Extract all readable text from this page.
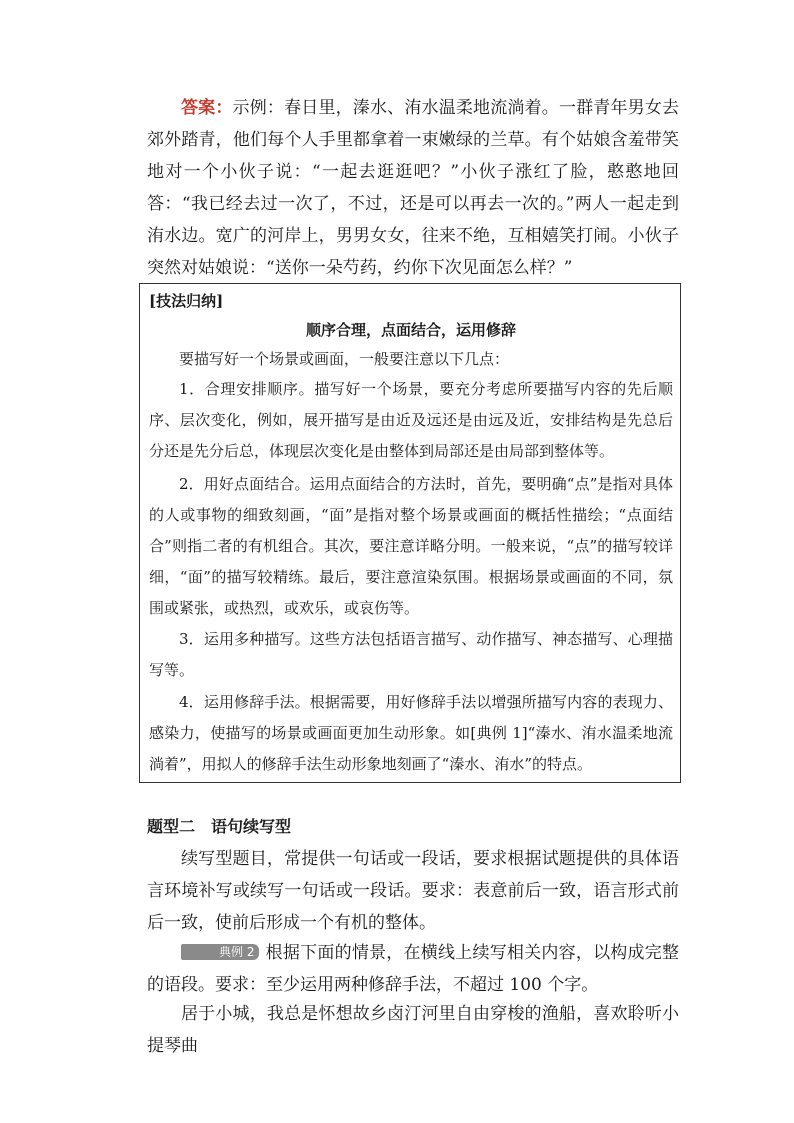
答案：示例：春日里，溱水、洧水温柔地流淌着。一群青年男女去郊外踏青，他们每个人手里都拿着一束嫩绿的兰草。有个姑娘含羞带笑地对一个小伙子说：“一起去逛逛吧？”小伙子涨红了脸，憨憨地回答：“我已经去过一次了，不过，还是可以再去一次的。”两人一起走到洧水边。宽广的河岸上，男男女女，往来不绝，互相嬉笑打闹。小伙子突然对姑娘说：“送你一朵芍药，约你下次见面怎么样？”

[技法归纳]

顺序合理，点面结合，运用修辞

要描写好一个场景或画面，一般要注意以下几点：

1．合理安排顺序。描写好一个场景，要充分考虑所要描写内容的先后顺序、层次变化，例如，展开描写是由近及远还是由远及近，安排结构是先总后分还是先分后总，体现层次变化是由整体到局部还是由局部到整体等。

2．用好点面结合。运用点面结合的方法时，首先，要明确“点”是指对具体的人或事物的细致刻画，“面”是指对整个场景或画面的概括性描绘；“点面结合”则指二者的有机组合。其次，要注意详略分明。一般来说，“点”的描写较详细，“面”的描写较精练。最后，要注意渲染氛围。根据场景或画面的不同，氛围或紧张，或热烈，或欢乐，或哀伤等。

3．运用多种描写。这些方法包括语言描写、动作描写、神态描写、心理描写等。

4．运用修辞手法。根据需要，用好修辞手法以增强所描写内容的表现力、感染力，使描写的场景或画面更加生动形象。如[典例 1]“溱水、洧水温柔地流淌着”，用拟人的修辞手法生动形象地刻画了“溱水、洧水”的特点。

题型二　语句续写型

续写型题目，常提供一句话或一段话，要求根据试题提供的具体语言环境补写或续写一句话或一段话。要求：表意前后一致，语言形式前后一致，使前后形成一个有机的整体。

典例 2 根据下面的情景，在横线上续写相关内容，以构成完整的语段。要求：至少运用两种修辞手法，不超过 100 个字。

居于小城，我总是怀想故乡卤汀河里自由穿梭的渔船，喜欢聆听小提琴曲
